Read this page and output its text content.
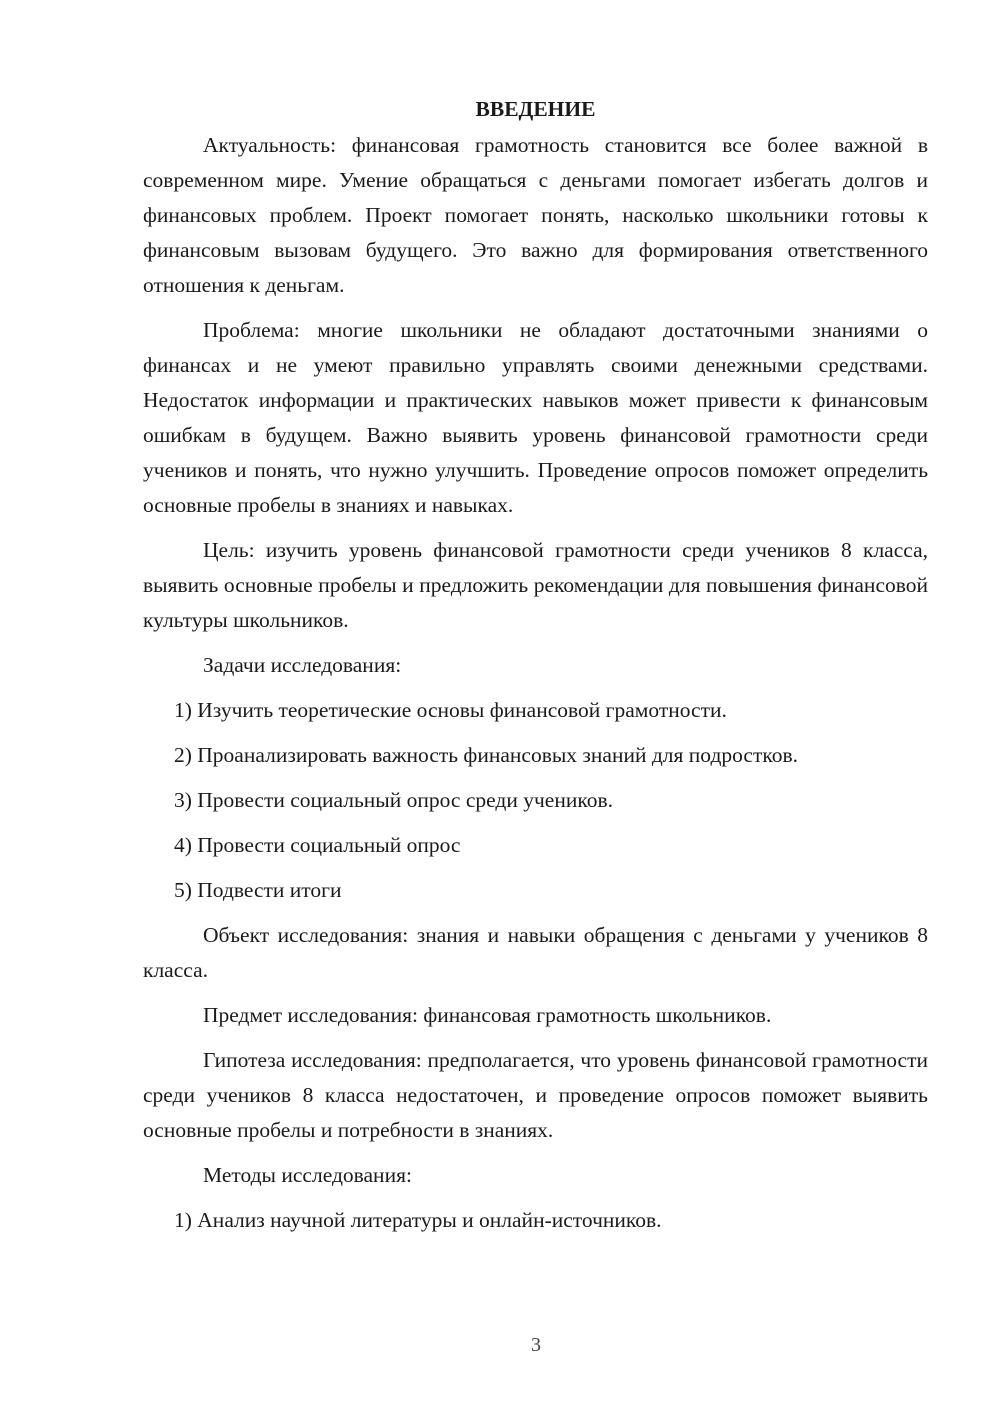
ВВЕДЕНИЕ

Актуальность: финансовая грамотность становится все более важной в современном мире. Умение обращаться с деньгами помогает избегать долгов и финансовых проблем. Проект помогает понять, насколько школьники готовы к финансовым вызовам будущего. Это важно для формирования ответственного отношения к деньгам.

Проблема: многие школьники не обладают достаточными знаниями о финансах и не умеют правильно управлять своими денежными средствами. Недостаток информации и практических навыков может привести к финансовым ошибкам в будущем. Важно выявить уровень финансовой грамотности среди учеников и понять, что нужно улучшить. Проведение опросов поможет определить основные пробелы в знаниях и навыках.

Цель: изучить уровень финансовой грамотности среди учеников 8 класса, выявить основные пробелы и предложить рекомендации для повышения финансовой культуры школьников.

Задачи исследования:

1) Изучить теоретические основы финансовой грамотности.

2) Проанализировать важность финансовых знаний для подростков.

3) Провести социальный опрос среди учеников.

4) Провести социальный опрос

5) Подвести итоги

Объект исследования: знания и навыки обращения с деньгами у учеников 8 класса.

Предмет исследования: финансовая грамотность школьников.

Гипотеза исследования: предполагается, что уровень финансовой грамотности среди учеников 8 класса недостаточен, и проведение опросов поможет выявить основные пробелы и потребности в знаниях.

Методы исследования:

1) Анализ научной литературы и онлайн-источников.

3
